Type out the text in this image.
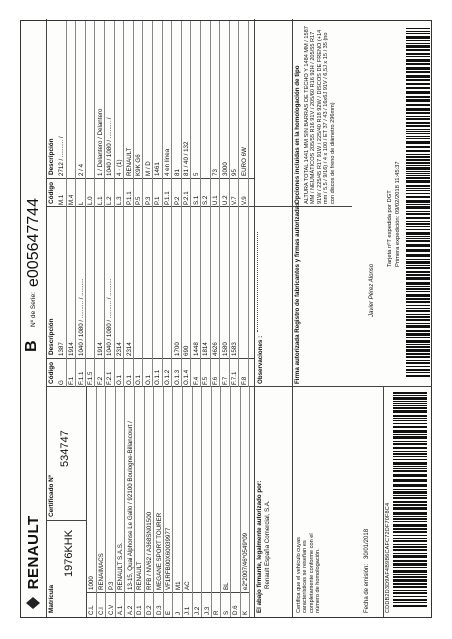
RENAULT
B
Nº de Serie:
e005647744
Matrícula
Certificado Nº
1976KHK
534747
C.L
1000
C.I
RENAIMACS
C.V
P.3
A.1
RENAULT S.A.S.
A.2
13-15, Quai Alphonse Le Gallo / 92100 Boulogne-Billancourt /
D.1
RENAULT
D.2
RFB / NV62 / A368SN01500
D.3
MEGANE SPORT TOURER
E
VF1RFB00X60039977
J
M1
J.1
AC
J.2 J.3 R S
BL
D.6 K
e2*2007/46*0549*09
Código
Descripción
G
1387
F.1
1914
F.1.1
1040 / 1080 / .......... / ..........
F.1.5 F.2
1914
F.2.1
1040 / 1080 / .......... / ..........
O.1
2314
O.1
2314
O.1 O.1 O.1.1 O.1.2 O.1.3
1700
O.1.4
690
F.4
1448
F.5
1814
F.6
4626
F.7
1580
F.7.1
1583
F.8
Código
Descripción
M.1
2712 / .......... /
M.4 L
2 / 4
L.0 L.1
1 / Delantero / Delantero
L.2
1040 / 1080 / .......... /
L.3
4 · (1)
P.1.1
RENAULT
P.5
K9K G6
P.3
M / D
P.1
1461
P.1.1
4 en línea
P.2
81
P.2.1
81 / 40 / 132
S.1
5
S.2 U.1
73
U.2
3000
V.7
95
V.9
EURO 6W
El abajo firmante, legalmente autorizado por: Renault España Comercial, S.A.
Observaciones :
Certifica que el vehículo cuyas características se reseñan es completamente conforme con el número de homologación.	Fecha de emisión:
30/01/2018
Firma autorizada Registro de fabricantes y firmas autorizadas	Javier Pérez Alonso
Tarjeta nºT expedida por DGT Primera expedición: 09/02/2018 11:45:37
Opciones incluidas en la homologación de tipo ALTURA TOTAL 1441 MM SIN BARRAS DE TECHO Y 1484 MM / 1587 MM / NEUMÁTICOS 205/55 R16 91V / 205/60 R16 92H / 205/55 R17 91W / 225/45 R17 91W / 225/40 R18 92W / DISCOS DE FRENO (+14 mm / 5.5 / 9/16) / 4 x 100 / ET 37 / 43 / 16x6J 91V / 6,5J x 15 / 35 (no con discos de freno de diámetro 296mm)
CDDB2D3D9AF4B9B6CAFC72DF70F8C4
